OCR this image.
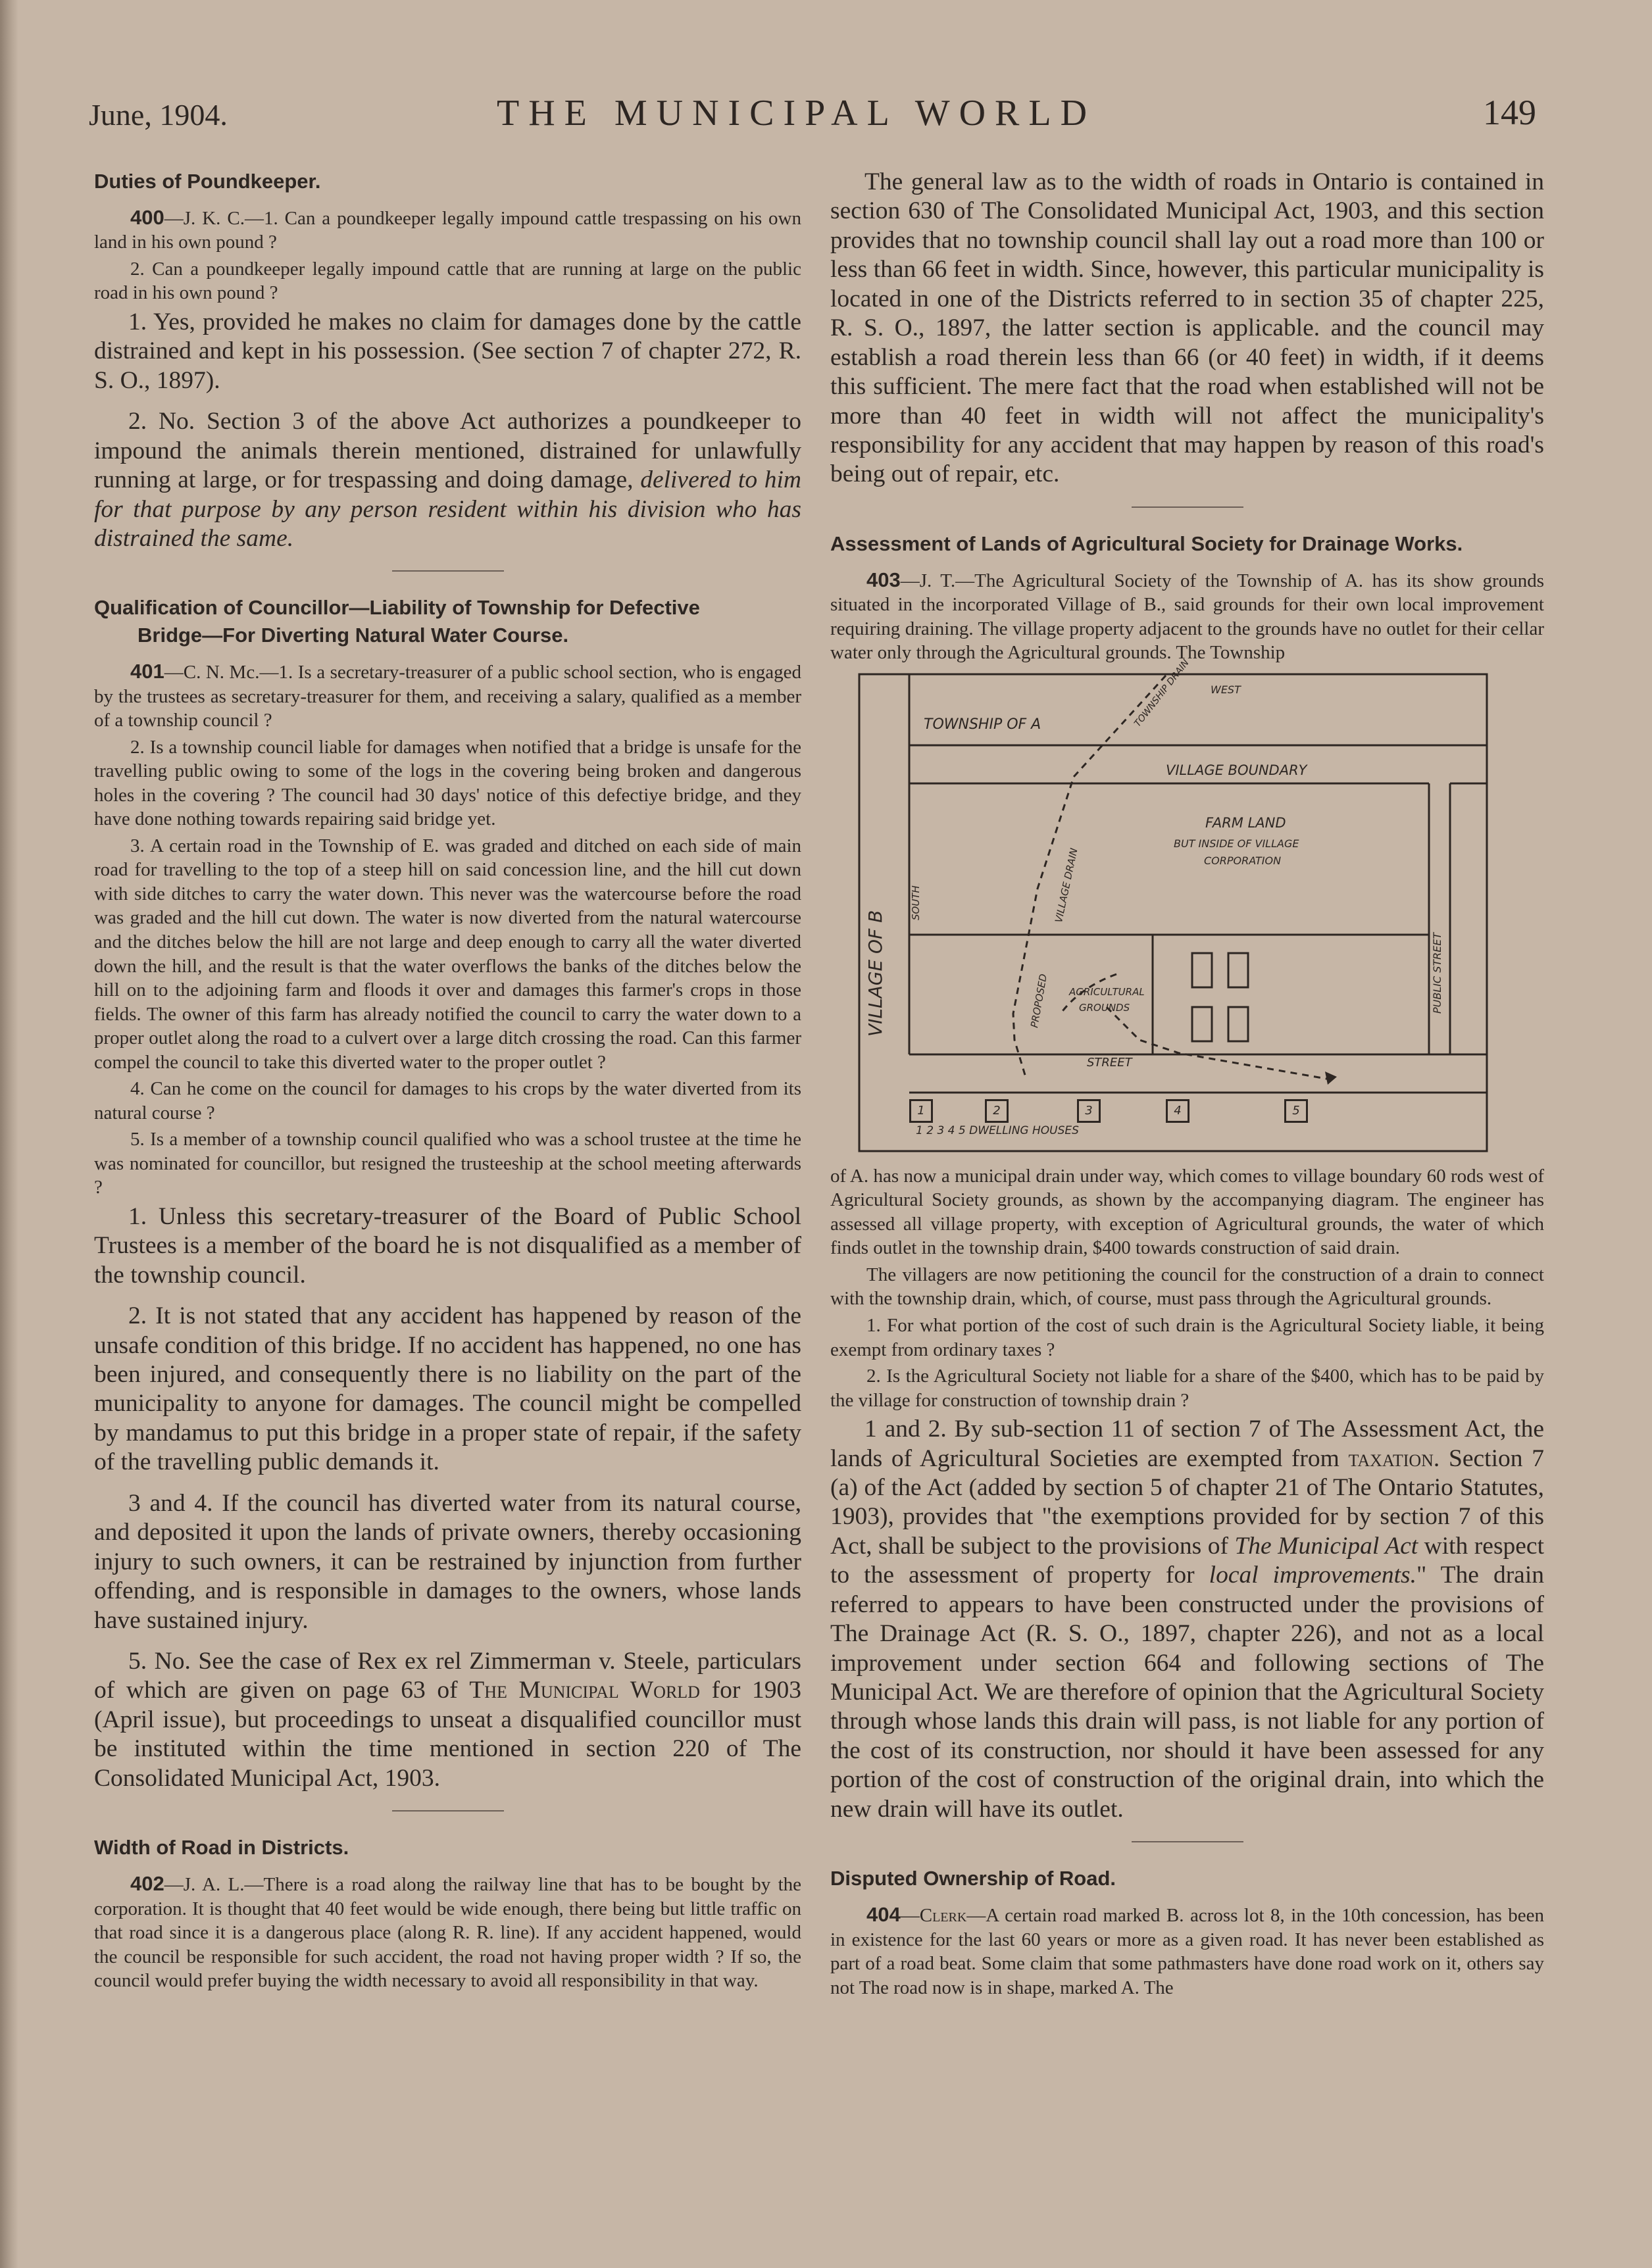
June, 1904.	THE MUNICIPAL WORLD	149
Duties of Poundkeeper.

400—J. K. C.—1. Can a poundkeeper legally impound cattle trespassing on his own land in his own pound ?

2. Can a poundkeeper legally impound cattle that are running at large on the public road in his own pound ?

1. Yes, provided he makes no claim for damages done by the cattle distrained and kept in his possession. (See section 7 of chapter 272, R. S. O., 1897).

2. No. Section 3 of the above Act authorizes a poundkeeper to impound the animals therein mentioned, distrained for unlawfully running at large, or for trespassing and doing damage, delivered to him for that purpose by any person resident within his division who has distrained the same.

Qualification of Councillor—Liability of Township for Defective
Bridge—For Diverting Natural Water Course.

401—C. N. Mc.—1. Is a secretary-treasurer of a public school section, who is engaged by the trustees as secretary-treasurer for them, and receiving a salary, qualified as a member of a township council ?

2. Is a township council liable for damages when notified that a bridge is unsafe for the travelling public owing to some of the logs in the covering being broken and dangerous holes in the covering ? The council had 30 days' notice of this defectiye bridge, and they have done nothing towards repairing said bridge yet.

3. A certain road in the Township of E. was graded and ditched on each side of main road for travelling to the top of a steep hill on said concession line, and the hill cut down with side ditches to carry the water down. This never was the watercourse before the road was graded and the hill cut down. The water is now diverted from the natural watercourse and the ditches below the hill are not large and deep enough to carry all the water diverted down the hill, and the result is that the water overflows the banks of the ditches below the hill on to the adjoining farm and floods it over and damages this farmer's crops in those fields. The owner of this farm has already notified the council to carry the water down to a proper outlet along the road to a culvert over a large ditch crossing the road. Can this farmer compel the council to take this diverted water to the proper outlet ?

4. Can he come on the council for damages to his crops by the water diverted from its natural course ?

5. Is a member of a township council qualified who was a school trustee at the time he was nominated for councillor, but resigned the trusteeship at the school meeting afterwards ?

1. Unless this secretary-treasurer of the Board of Public School Trustees is a member of the board he is not disqualified as a member of the township council.

2. It is not stated that any accident has happened by reason of the unsafe condition of this bridge. If no accident has happened, no one has been injured, and consequently there is no liability on the part of the municipality to anyone for damages. The council might be compelled by mandamus to put this bridge in a proper state of repair, if the safety of the travelling public demands it.

3 and 4. If the council has diverted water from its natural course, and deposited it upon the lands of private owners, thereby occasioning injury to such owners, it can be restrained by injunction from further offending, and is responsible in damages to the owners, whose lands have sustained injury.

5. No. See the case of Rex ex rel Zimmerman v. Steele, particulars of which are given on page 63 of The Municipal World for 1903 (April issue), but proceedings to unseat a disqualified councillor must be instituted within the time mentioned in section 220 of The Consolidated Municipal Act, 1903.

Width of Road in Districts.

402—J. A. L.—There is a road along the railway line that has to be bought by the corporation. It is thought that 40 feet would be wide enough, there being but little traffic on that road since it is a dangerous place (along R. R. line). If any accident happened, would the council be responsible for such accident, the road not having proper width ? If so, the council would prefer buying the width necessary to avoid all responsibility in that way.

The general law as to the width of roads in Ontario is contained in section 630 of The Consolidated Municipal Act, 1903, and this section provides that no township council shall lay out a road more than 100 or less than 66 feet in width. Since, however, this particular municipality is located in one of the Districts referred to in section 35 of chapter 225, R. S. O., 1897, the latter section is applicable. and the council may establish a road therein less than 66 (or 40 feet) in width, if it deems this sufficient. The mere fact that the road when established will not be more than 40 feet in width will not affect the municipality's responsibility for any accident that may happen by reason of this road's being out of repair, etc.

Assessment of Lands of Agricultural Society for Drainage Works.

403—J. T.—The Agricultural Society of the Township of A. has its show grounds situated in the incorporated Village of B., said grounds for their own local improvement requiring draining. The village property adjacent to the grounds have no outlet for their cellar water only through the Agricultural grounds. The Township

TOWNSHIP OF A	TOWNSHIP DRAIN WEST
VILLAGE BOUNDARY
FARM LAND
BUT INSIDE OF VILLAGE
CORPORATION
VILLAGE DRAIN
VILLAGE OF B
SOUTH
PROPOSED AGRICULTURAL
GROUNDS	PUBLIC STREET
STREET
1 2 3 4 5 DWELLING HOUSES
1	2	3	4	5

of A. has now a municipal drain under way, which comes to village boundary 60 rods west of Agricultural Society grounds, as shown by the accompanying diagram. The engineer has assessed all village property, with exception of Agricultural grounds, the water of which finds outlet in the township drain, $400 towards construction of said drain.

The villagers are now petitioning the council for the construction of a drain to connect with the township drain, which, of course, must pass through the Agricultural grounds.

1. For what portion of the cost of such drain is the Agricultural Society liable, it being exempt from ordinary taxes ?

2. Is the Agricultural Society not liable for a share of the $400, which has to be paid by the village for construction of township drain ?

1 and 2. By sub-section 11 of section 7 of The Assessment Act, the lands of Agricultural Societies are exempted from taxation. Section 7 (a) of the Act (added by section 5 of chapter 21 of The Ontario Statutes, 1903), provides that "the exemptions provided for by section 7 of this Act, shall be subject to the provisions of The Municipal Act with respect to the assessment of property for local improvements." The drain referred to appears to have been constructed under the provisions of The Drainage Act (R. S. O., 1897, chapter 226), and not as a local improvement under section 664 and following sections of The Municipal Act. We are therefore of opinion that the Agricultural Society through whose lands this drain will pass, is not liable for any portion of the cost of its construction, nor should it have been assessed for any portion of the cost of construction of the original drain, into which the new drain will have its outlet.

Disputed Ownership of Road.

404—Clerk—A certain road marked B. across lot 8, in the 10th concession, has been in existence for the last 60 years or more as a given road. It has never been established as part of a road beat. Some claim that some pathmasters have done road work on it, others say not The road now is in shape, marked A. The
